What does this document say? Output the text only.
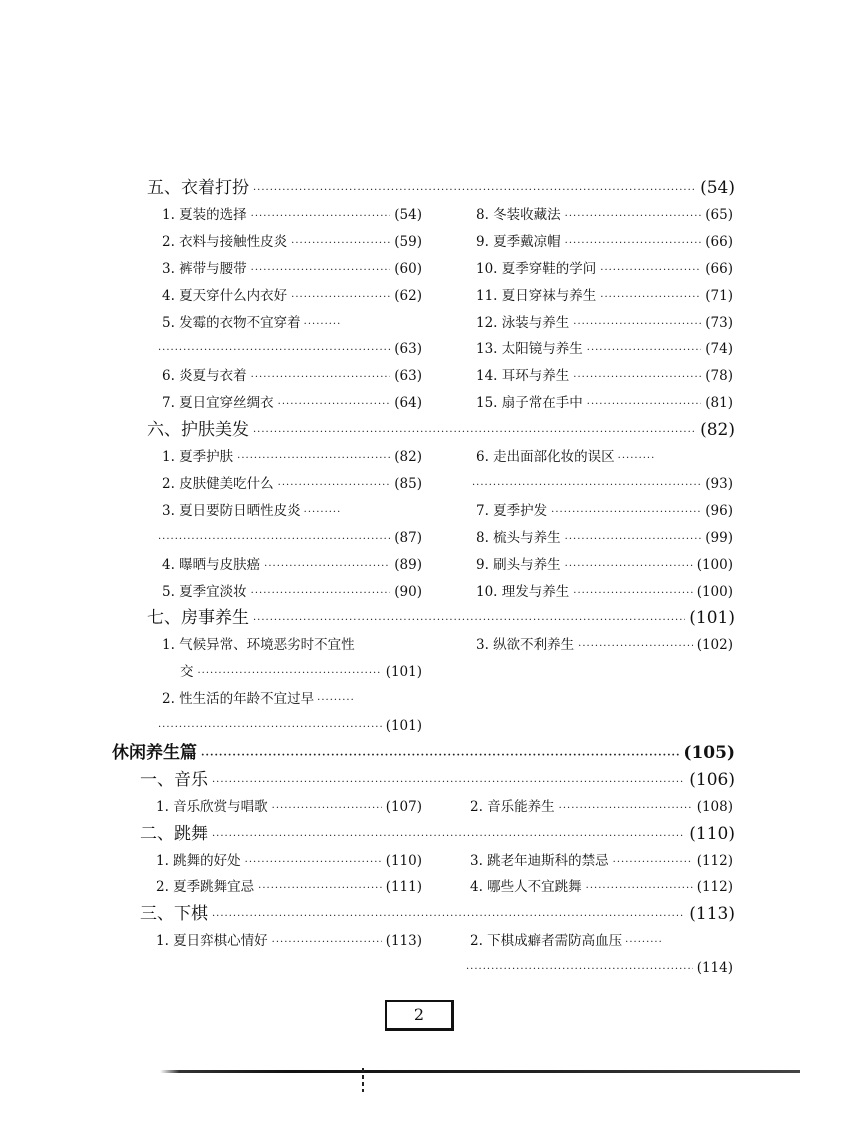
五、衣着打扮 ·····	(54)
1. 夏装的选择 ·····	(54)
2. 衣料与接触性皮炎 ·····	(59)
3. 裤带与腰带 ·····	(60)
4. 夏天穿什么内衣好 ·····	(62)
5. 发霉的衣物不宜穿着 ·········
·····
(63)
6. 炎夏与衣着 ·····	(63)
7. 夏日宜穿丝绸衣 ·····	(64)
8. 冬装收藏法 ·····	(65)
9. 夏季戴凉帽 ·····	(66)
10. 夏季穿鞋的学问 ·····	(66)
11. 夏日穿袜与养生 ·····	(71)
12. 泳装与养生 ·····	(73)
13. 太阳镜与养生 ·····	(74)
14. 耳环与养生 ·····	(78)
15. 扇子常在手中 ·····	(81)
六、护肤美发 ·····	(82)
1. 夏季护肤 ·····	(82)
2. 皮肤健美吃什么 ·····	(85)
3. 夏日要防日晒性皮炎 ·········
·····
(87)
4. 曝晒与皮肤癌 ·····	(89)
5. 夏季宜淡妆 ·····	(90)
6. 走出面部化妆的误区 ·········
·····
(93)
7. 夏季护发 ·····	(96)
8. 梳头与养生 ·····	(99)
9. 刷头与养生 ·····	(100)
10. 理发与养生 ·····	(100)
七、房事养生 ·····	(101)
1. 气候异常、环境恶劣时不宜性
交 ·····	(101)
2. 性生活的年龄不宜过早 ·········
·····
(101)
3. 纵欲不利养生 ·····	(102)
休闲养生篇 ·····	(105)
一、音乐 ·····	(106)
1. 音乐欣赏与唱歌 ·····	(107)	2. 音乐能养生 ·····	(108)
二、跳舞 ·····	(110)
1. 跳舞的好处 ·····	(110)
2. 夏季跳舞宜忌 ·····	(111)
3. 跳老年迪斯科的禁忌 ·····	(112)
4. 哪些人不宜跳舞 ·····	(112)
三、下棋 ·····	(113)
1. 夏日弈棋心情好 ·····	(113)	2. 下棋成癖者需防高血压 ·········
·····
(114)
2
